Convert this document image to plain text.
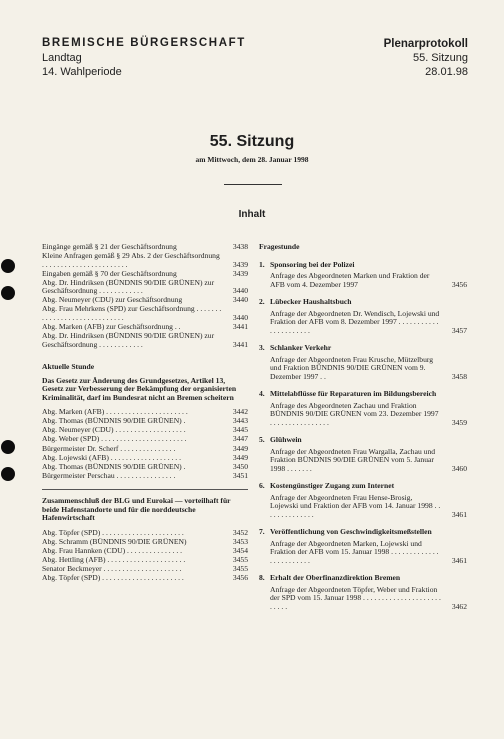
BREMISCHE BÜRGERSCHAFT
Landtag
14. Wahlperiode
Plenarprotokoll
55. Sitzung
28.01.98
55. Sitzung
am Mittwoch, dem 28. Januar 1998
Inhalt
Eingänge gemäß § 21 der Geschäftsordnung	3438
Kleine Anfragen gemäß § 29 Abs. 2 der Geschäftsordnung . . . . . . . . . . . . . . . . . . . . . . .	3439
Eingaben gemäß § 70 der Geschäftsordnung	3439
Abg. Dr. Hindriksen (BÜNDNIS 90/DIE GRÜNEN) zur Geschäftsordnung . . . . . . . . . . . .	3440
Abg. Neumeyer (CDU) zur Geschäftsordnung	3440
Abg. Frau Mehrkens (SPD) zur Geschäftsordnung . . . . . . . . . . . . . . . . . . . . . . . . . . . . .	3440
Abg. Marken (AFB) zur Geschäftsordnung . .	3441
Abg. Dr. Hindriksen (BÜNDNIS 90/DIE GRÜNEN) zur Geschäftsordnung . . . . . . . . . . . .	3441
Aktuelle Stunde
Das Gesetz zur Änderung des Grundgesetzes, Artikel 13, Gesetz zur Verbesserung der Bekämpfung der organisierten Kriminalität, darf im Bundesrat nicht an Bremen scheitern
Abg. Marken (AFB) . . . . . . . . . . . . . . . . . . . . . .	3442
Abg. Thomas (BÜNDNIS 90/DIE GRÜNEN) .	3443
Abg. Neumeyer (CDU) . . . . . . . . . . . . . . . . . . .	3445
Abg. Weber (SPD) . . . . . . . . . . . . . . . . . . . . . . .	3447
Bürgermeister Dr. Scherf . . . . . . . . . . . . . . .	3449
Abg. Lojewski (AFB) . . . . . . . . . . . . . . . . . . .	3449
Abg. Thomas (BÜNDNIS 90/DIE GRÜNEN) .	3450
Bürgermeister Perschau . . . . . . . . . . . . . . . .	3451
Zusammenschluß der BLG und Eurokai — vorteilhaft für beide Hafenstandorte und für die norddeutsche Hafenwirtschaft
Abg. Töpfer (SPD) . . . . . . . . . . . . . . . . . . . . . .	3452
Abg. Schramm (BÜNDNIS 90/DIE GRÜNEN)	3453
Abg. Frau Hannken (CDU) . . . . . . . . . . . . . . .	3454
Abg. Hettling (AFB) . . . . . . . . . . . . . . . . . . . . .	3455
Senator Beckmeyer . . . . . . . . . . . . . . . . . . . . .	3455
Abg. Töpfer (SPD) . . . . . . . . . . . . . . . . . . . . . .	3456
Fragestunde
1. Sponsoring bei der Polizei
Anfrage des Abgeordneten Marken und Fraktion der AFB vom 4. Dezember 1997	3456
2. Lübecker Haushaltsbuch
Anfrage der Abgeordneten Dr. Wendisch, Lojewski und Fraktion der AFB vom 8. Dezember 1997 . . . . . . . . . . . . . . . . . . . . . .	3457
3. Schlanker Verkehr
Anfrage der Abgeordneten Frau Krusche, Mützelburg und Fraktion BÜNDNIS 90/DIE GRÜNEN vom 9. Dezember 1997 . .	3458
4. Mittelabflüsse für Reparaturen im Bildungsbereich
Anfrage des Abgeordneten Zachau und Fraktion BÜNDNIS 90/DIE GRÜNEN vom 23. Dezember 1997 . . . . . . . . . . . . . . . .	3459
5. Glühwein
Anfrage der Abgeordneten Frau Wargalla, Zachau und Fraktion BÜNDNIS 90/DIE GRÜNEN vom 5. Januar 1998 . . . . . . .	3460
6. Kostengünstiger Zugang zum Internet
Anfrage der Abgeordneten Frau Hense-Brosig, Lojewski und Fraktion der AFB vom 14. Januar 1998 . . . . . . . . . . . . . .	3461
7. Veröffentlichung von Geschwindigkeitsmeßstellen
Anfrage der Abgeordneten Marken, Lojewski und Fraktion der AFB vom 15. Januar 1998 . . . . . . . . . . . . . . . . . . . . . . . .	3461
8. Erhalt der Oberfinanzdirektion Bremen
Anfrage der Abgeordneten Töpfer, Weber und Fraktion der SPD vom 15. Januar 1998 . . . . . . . . . . . . . . . . . . . . . . . . . .	3462
